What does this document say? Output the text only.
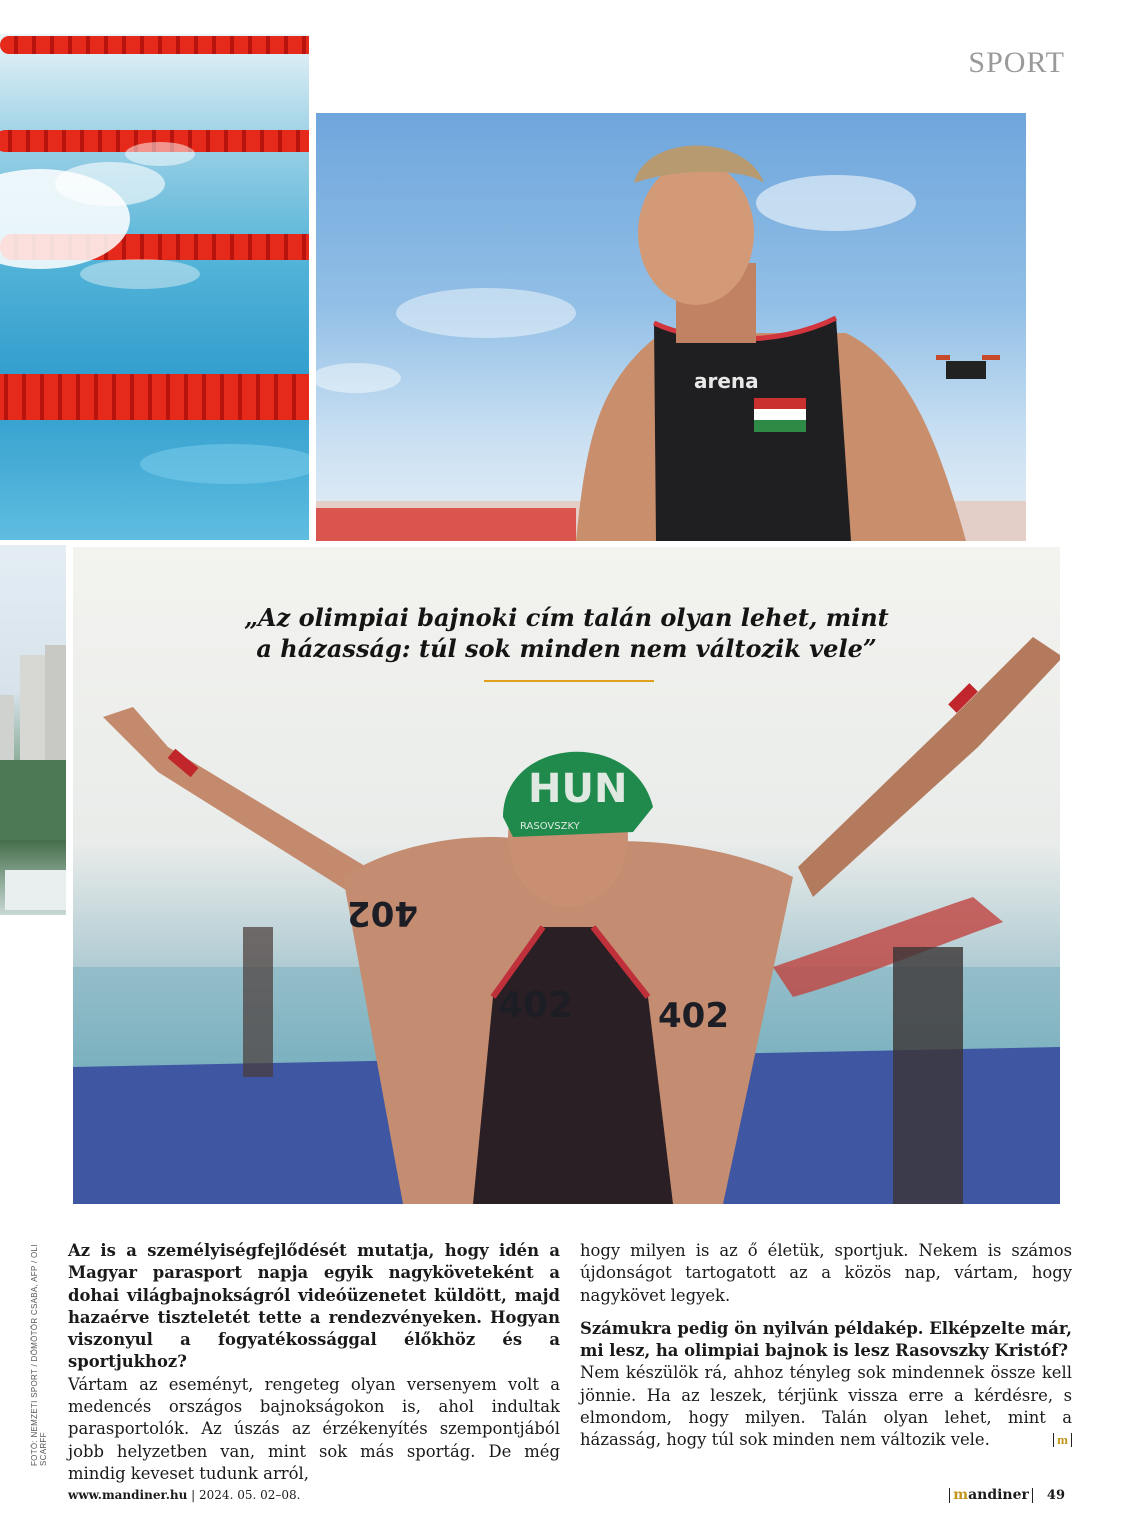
SPORT
arena
HUN
RASOVSZKY
402 402
402
„Az olimpiai bajnoki cím talán olyan lehet, mint
a házasság: túl sok minden nem változik vele”
FOTÓ: NEMZETI SPORT / DÖMÖTÖR CSABA, AFP / OLI SCARFF

Az is a személyiségfejlődését mutatja, hogy idén a Magyar parasport napja egyik nagyköveteként a dohai világbajnokságról videóüzenetet küldött, majd hazaérve tiszteletét tette a rendezvényeken. Hogyan viszonyul a fogyatékossággal élőkhöz és a sportjukhoz?

Vártam az eseményt, rengeteg olyan versenyem volt a medencés országos bajnokságokon is, ahol indultak parasportolók. Az úszás az érzékenyítés szempontjából jobb helyzetben van, mint sok más sportág. De még mindig keveset tudunk arról,

hogy milyen is az ő életük, sportjuk. Nekem is számos újdonságot tartogatott az a közös nap, vártam, hogy nagykövet legyek.

Számukra pedig ön nyilván példakép. Elképzelte már, mi lesz, ha olimpiai bajnok is lesz Rasovszky Kristóf?

Nem készülök rá, ahhoz tényleg sok mindennek össze kell jönnie. Ha az leszek, térjünk vissza erre a kérdésre, s elmondom, hogy milyen. Talán olyan lehet, mint a házasság, hogy túl sok minden nem változik vele.	m

www.mandiner.hu | 2024. 05. 02–08.	mandiner	49
